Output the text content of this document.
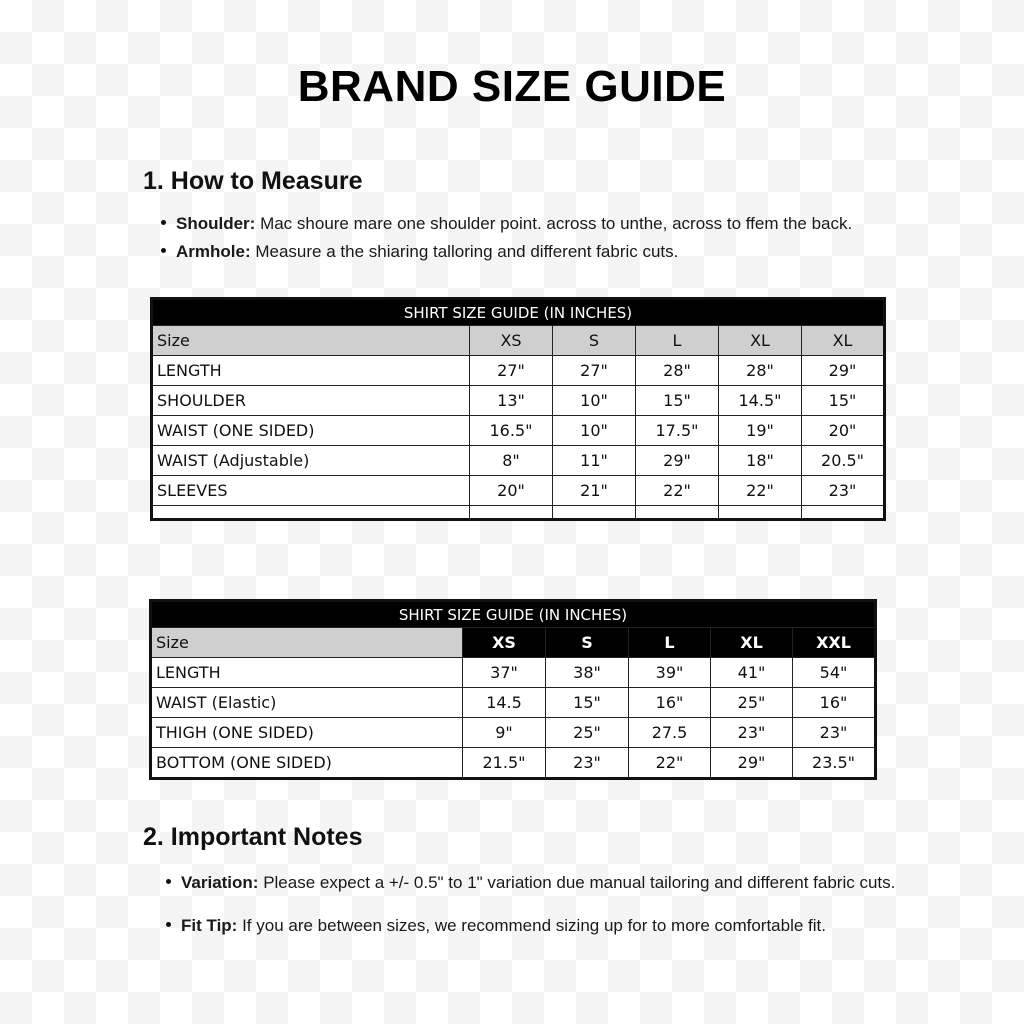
BRAND SIZE GUIDE
1. How to Measure
Shoulder: Mac shoure mare one shoulder point. across to unthe, across to ffem the back.
Armhole: Measure a the shiaring talloring and different fabric cuts.
SHIRT SIZE GUIDE (IN INCHES)					
Size	XS	S	L	XL	XL
LENGTH	27"	27"	28"	28"	29"
SHOULDER	13"	10"	15"	14.5"	15"
WAIST (ONE SIDED)	16.5"	10"	17.5"	19"	20"
WAIST (Adjustable)	8"	11"	29"	18"	20.5"
SLEEVES	20"	21"	22"	22"	23"

SHIRT SIZE GUIDE (IN INCHES)					
Size	XS	S	L	XL	XXL
LENGTH	37"	38"	39"	41"	54"
WAIST (Elastic)	14.5	15"	16"	25"	16"
THIGH (ONE SIDED)	9"	25"	27.5	23"	23"
BOTTOM (ONE SIDED)	21.5"	23"	22"	29"	23.5"
2. Important Notes
Variation: Please expect a +/- 0.5" to 1" variation due manual tailoring and different fabric cuts.
Fit Tip: If you are between sizes, we recommend sizing up for to more comfortable fit.
